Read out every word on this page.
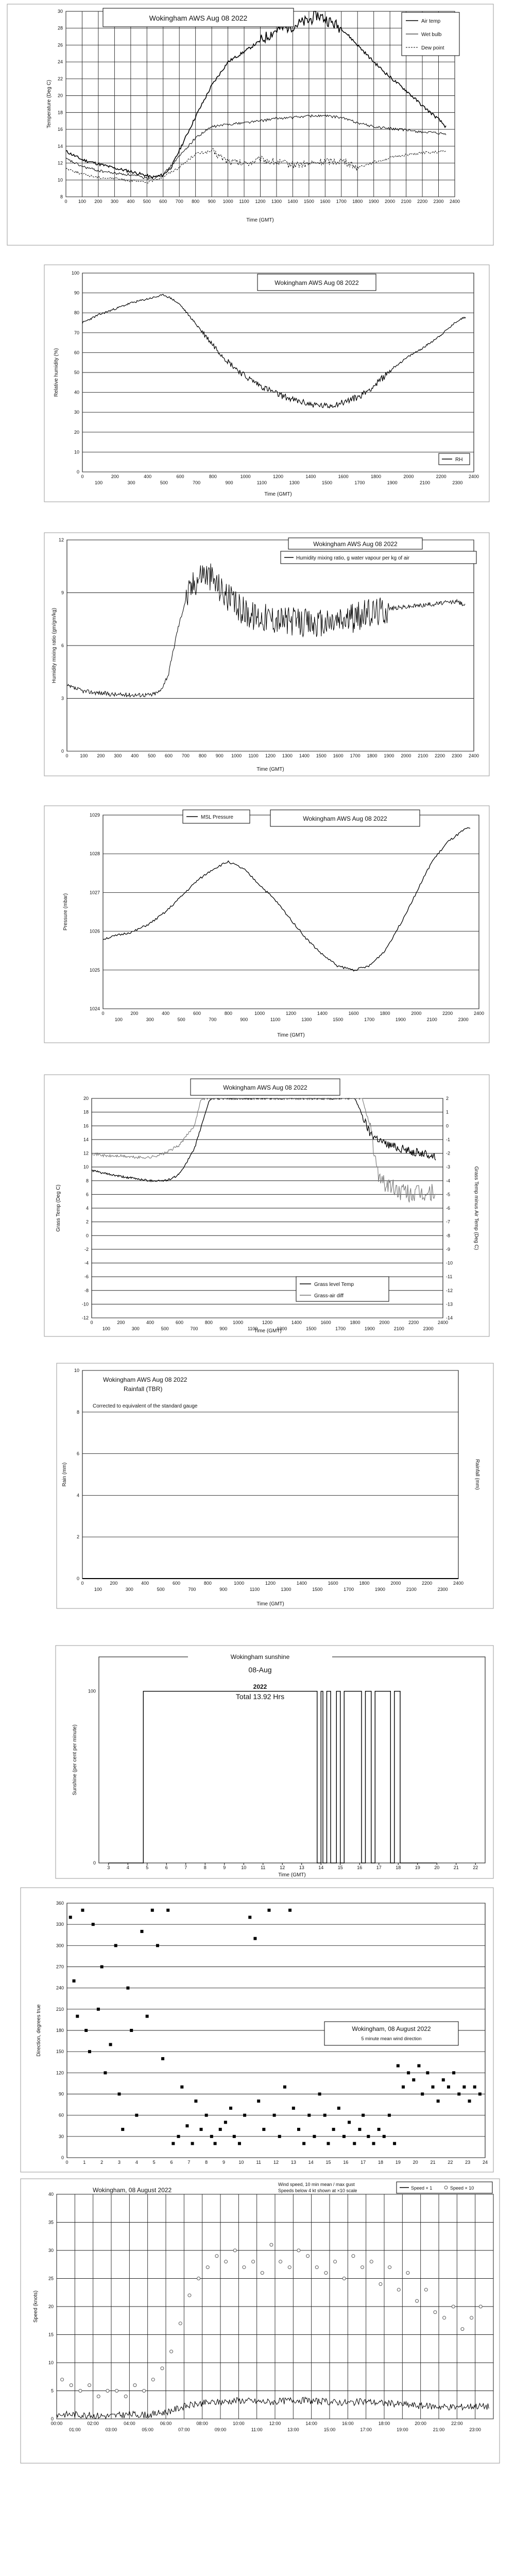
0 100 200 300 400 500 600 700 800 900 1000 1100 1200 1300 1400 1500 1600 1700 1800 1900 2000 2100 2200 2300 2400
8
10
12
14
16
18
20
22
24
26
28
30
Wokingham AWS Aug 08 2022
Time (GMT)
Temperature (Deg C)
Air temp
Wet bulb
Dew point
0	200	400	600	800	1000	1200	1400	1600	1800	2000	2200	2400
100	300	500	700	900	1100	1300	1500	1700	1900	2100	2300
0
10
20
30
40
50
60
70
80
90
100
Wokingham AWS Aug 08 2022
Time (GMT)
Relative humidity (%)
RH
0	100 200 300 400 500 600 700 800 900 1000 1100 1200 1300 1400 1500 1600 1700 1800 1900 2000 2100 2200 2300 2400
0
3
6
9
12
Wokingham AWS Aug 08 2022
Humidity mixing ratio, g water vapour per kg of air
Time (GMT)
Humidity mixing ratio (gm/gm/kg)
0	200	400	600	800	1000	1200	1400	1600	1800	2000	2200	2400
100	300	500	700	900	1100	1300	1500	1700	1900	2100	2300
1024
1025
1026
1027
1028
1029	MSL Pressure	Wokingham AWS Aug 08 2022
Time (GMT)
Pressure (mbar)
0	200	400	600	800	1000	1200	1400	1600	1800	2000	2200	2400
100	300	500	700	900	1100	1300	1500	1700	1900	2100	2300
-12
-10
-8
-6
-4
-2
0
2
4
6
8
10
12
14
16
18
20
-14
-13
-12
-11
-10
-9
-8
-7
-6
-5
-4
-3
-2
-1
0
1
2
Wokingham AWS Aug 08 2022
Grass level Temp
Grass-air diff
Time (GMT)
Grass Temp (Deg C)	Grass Temp minus Air Temp (Deg C)
0	200	400	600	800	1000	1200	1400	1600	1800	2000	2200	2400
100	300	500	700	900	1100	1300	1500	1700	1900	2100	2300
0
2
4
6
8
10
Wokingham AWS Aug 08 2022
Rainfall (TBR)
Corrected to equivalent of the standard gauge
Time (GMT)
Rain (mm)	Rainfall (mm)
3	4	5	6	7	8	9	10	11	12	13	14	15	16	17	18	19	20	21	22
0
100
Wokingham sunshine
08-Aug
2022
Total 13.92 Hrs
Time (GMT)
Sunshine (per cent per minute)
0	1	2	3	4	5	6	7	8	9	10	11	12	13	14	15	16	17	18	19	20	21	22	23	24
0
30
60
90
120
150
180
210
240
270
300
330
360
Wokingham, 08 August 2022
5 minute mean wind direction
Direction, degrees true
00:00	02:00	04:00	06:00	08:00	10:00	12:00	14:00	16:00	18:00	20:00	22:00
01:00	03:00	05:00	07:00	09:00	11:00	13:00	15:00	17:00	19:00	21:00	23:00
0
5
10
15
20
25
30
35
40
Wokingham, 08 August 2022
Wind speed, 10 min mean / max gust
Speeds below 4 kt shown at ×10 scale	Speed × 1	Speed × 10
Speed (knots)
